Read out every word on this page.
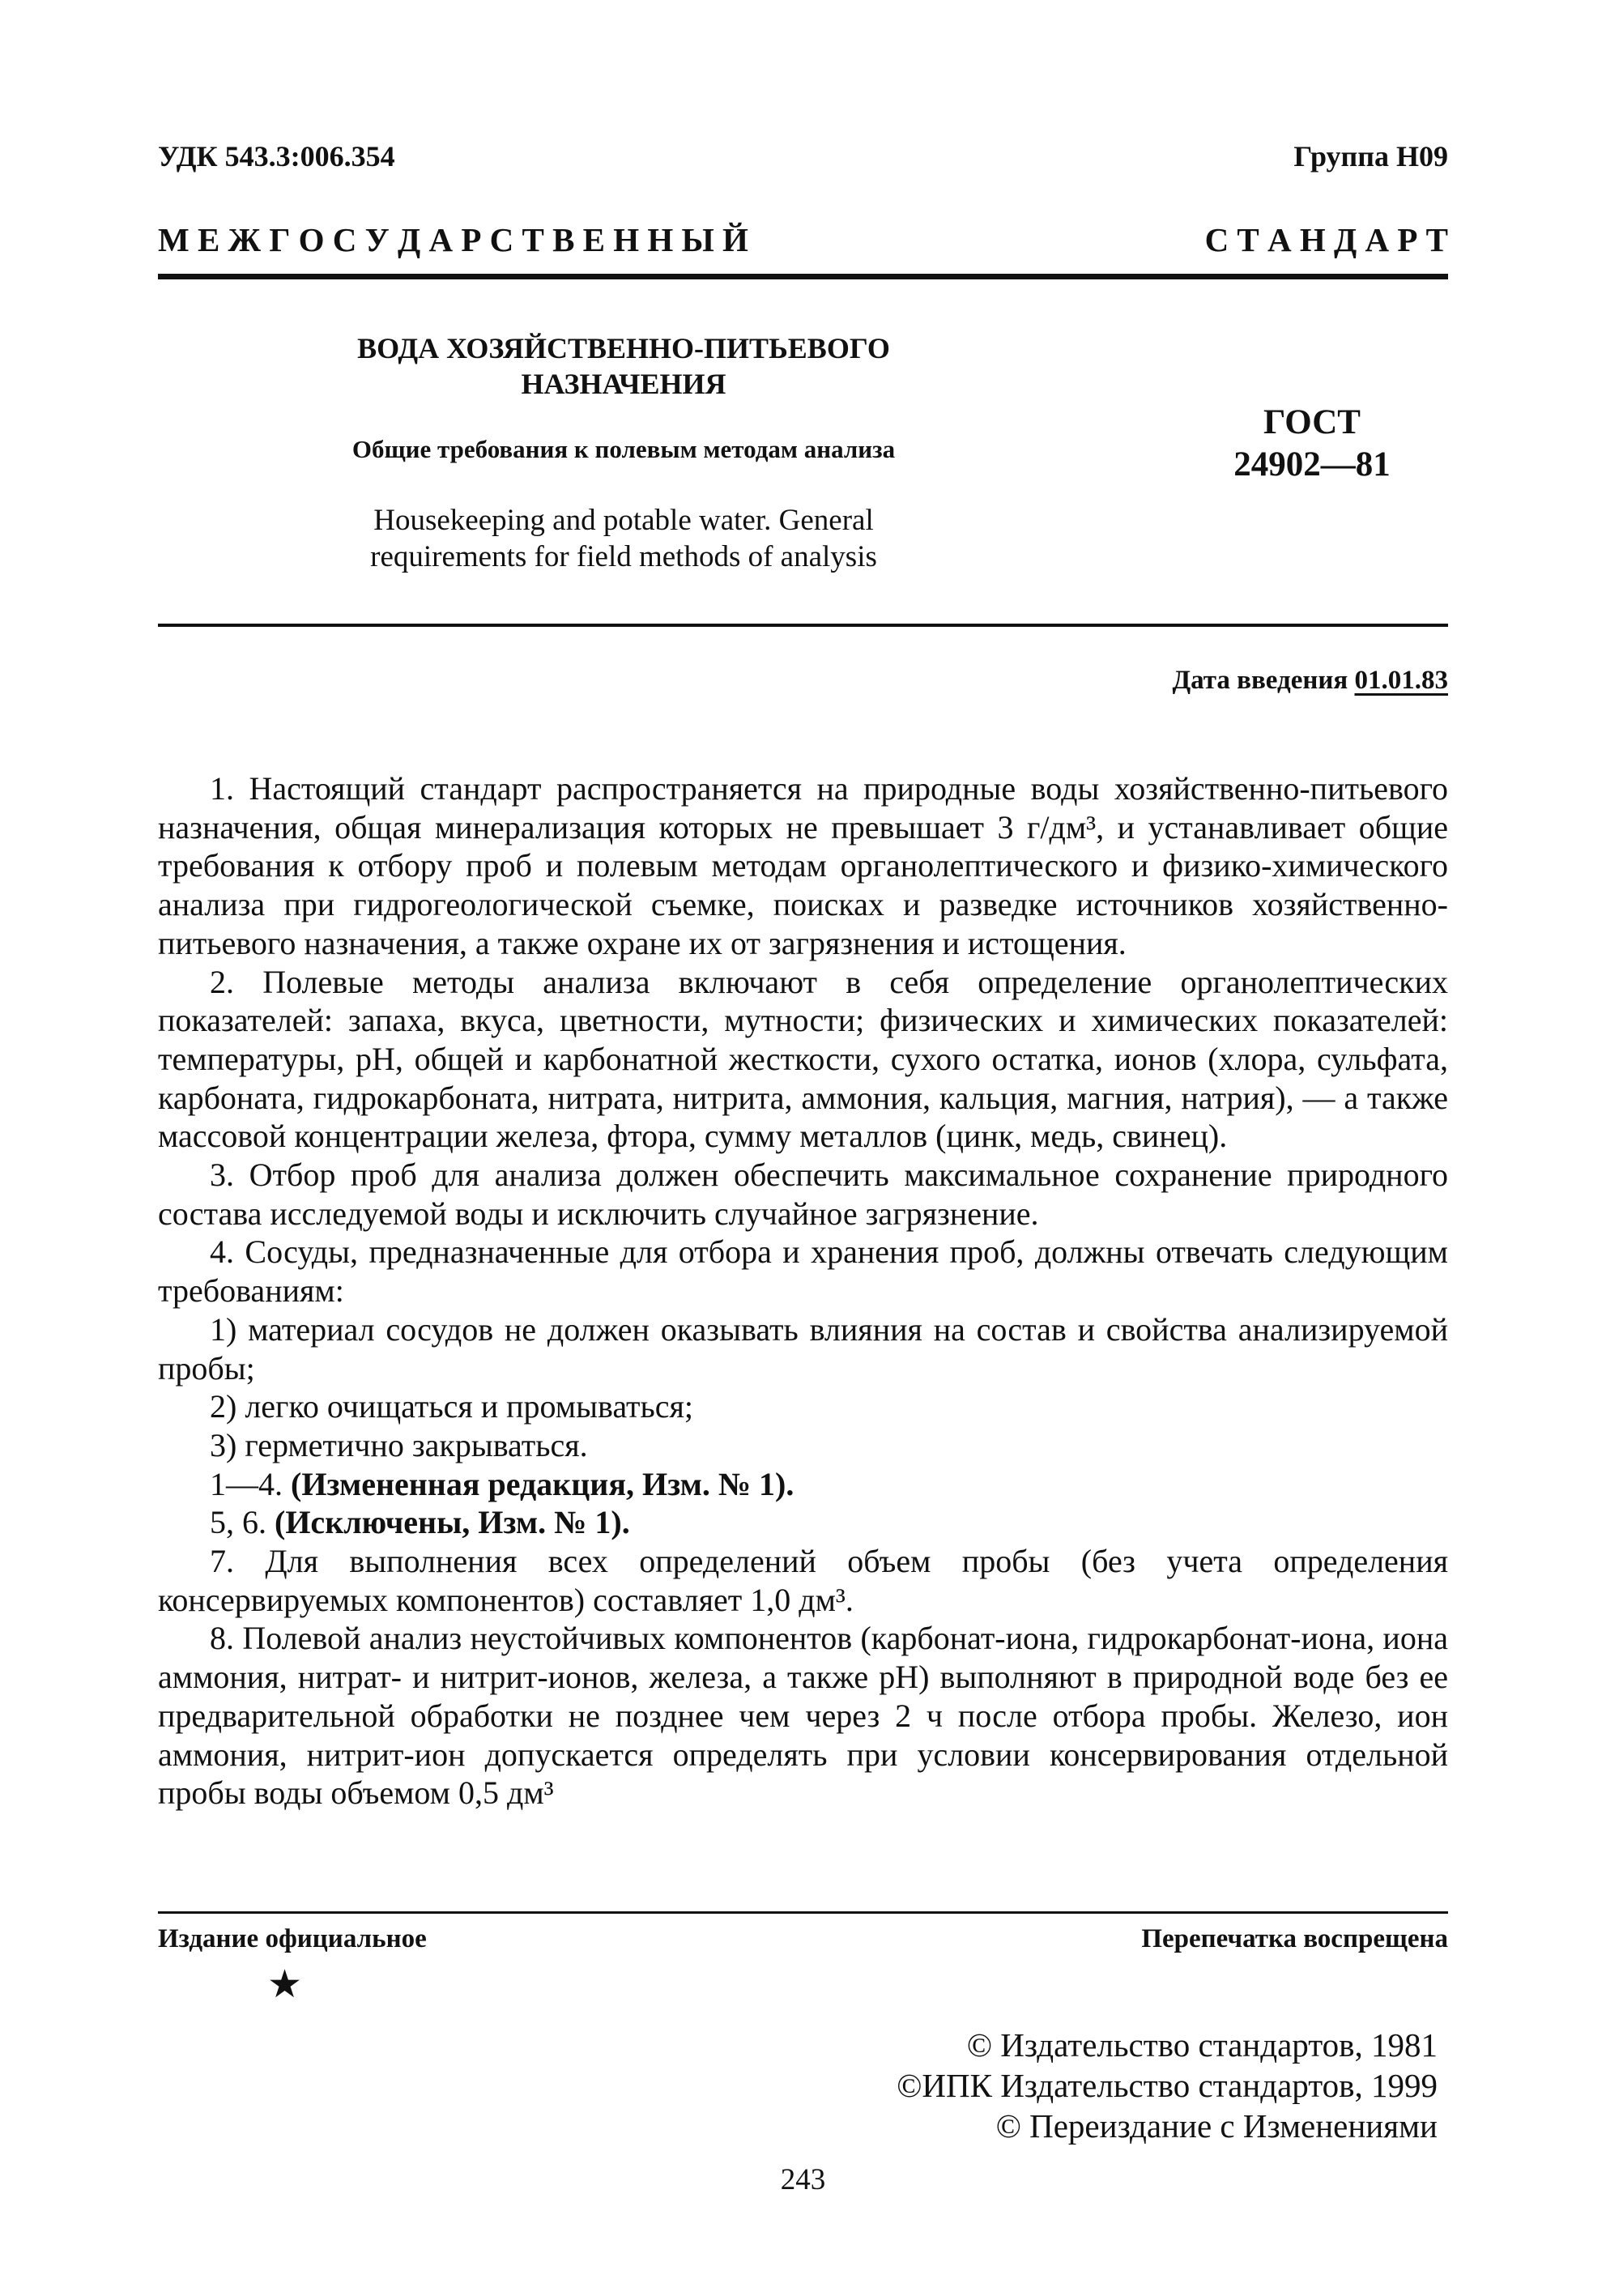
УДК 543.3:006.354	Группа Н09
М Е Ж Г О С У Д А Р С Т В Е Н Н Ы Й	С Т А Н Д А Р Т
ВОДА ХОЗЯЙСТВЕННО-ПИТЬЕВОГО
НАЗНАЧЕНИЯ
Общие требования к полевым методам анализа
ГОСТ
24902—81
Housekeeping and potable water. General
requirements for field methods of analysis
Дата введения 01.01.83

1. Настоящий стандарт распространяется на природные воды хозяйственно-питьевого назначения, общая минерализация которых не превышает 3 г/дм³, и устанавливает общие требования к отбору проб и полевым методам органолептического и физико-химического анализа при гидрогеологической съемке, поисках и разведке источников хозяйственно-питьевого назначения, а также охране их от загрязнения и истощения.

2. Полевые методы анализа включают в себя определение органолептических показателей: запаха, вкуса, цветности, мутности; физических и химических показателей: температуры, рН, общей и карбонатной жесткости, сухого остатка, ионов (хлора, сульфата, карбоната, гидрокарбоната, нитрата, нитрита, аммония, кальция, магния, натрия), — а также массовой концентрации железа, фтора, сумму металлов (цинк, медь, свинец).

3. Отбор проб для анализа должен обеспечить максимальное сохранение природного состава исследуемой воды и исключить случайное загрязнение.

4. Сосуды, предназначенные для отбора и хранения проб, должны отвечать следующим требованиям:

1) материал сосудов не должен оказывать влияния на состав и свойства анализируемой пробы;

2) легко очищаться и промываться;

3) герметично закрываться.

1—4. (Измененная редакция, Изм. № 1).

5, 6. (Исключены, Изм. № 1).

7. Для выполнения всех определений объем пробы (без учета определения консервируемых компонентов) составляет 1,0 дм³.

8. Полевой анализ неустойчивых компонентов (карбонат-иона, гидрокарбонат-иона, иона аммония, нитрат- и нитрит-ионов, железа, а также рН) выполняют в природной воде без ее предварительной обработки не позднее чем через 2 ч после отбора пробы. Железо, ион аммония, нитрит-ион допускается определять при условии консервирования отдельной пробы воды объемом 0,5 дм³

Издание официальное	Перепечатка воспрещена
★
© Издательство стандартов, 1981
©ИПК Издательство стандартов, 1999
© Переиздание с Изменениями
243
